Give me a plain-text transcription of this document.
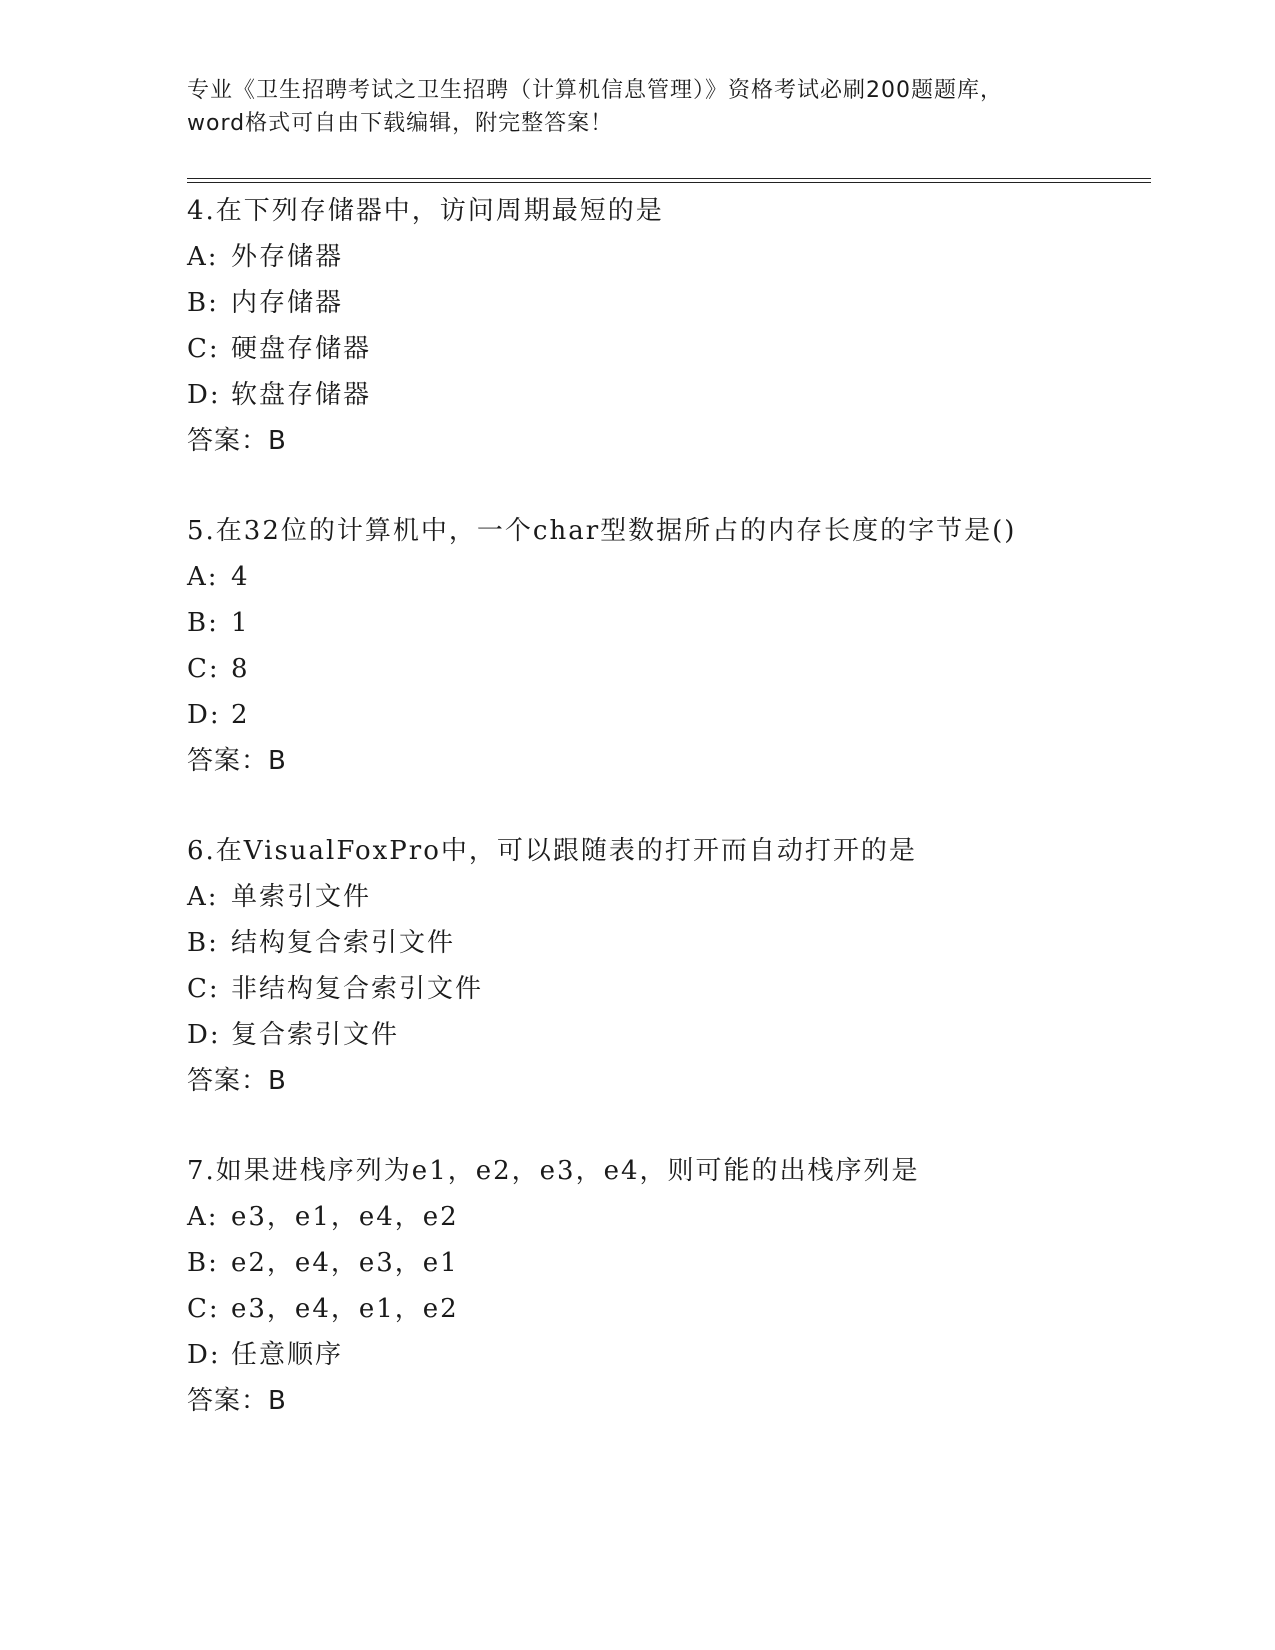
专业《卫生招聘考试之卫生招聘（计算机信息管理）》资格考试必刷200题题库，
word格式可自由下载编辑，附完整答案！
4.在下列存储器中，访问周期最短的是
A: 外存储器
B: 内存储器
C: 硬盘存储器
D: 软盘存储器
答案：B
5.在32位的计算机中，一个char型数据所占的内存长度的字节是()
A: 4
B: 1
C: 8
D: 2
答案：B
6.在VisualFoxPro中，可以跟随表的打开而自动打开的是
A: 单索引文件
B: 结构复合索引文件
C: 非结构复合索引文件
D: 复合索引文件
答案：B
7.如果进栈序列为e1，e2，e3，e4，则可能的出栈序列是
A: e3，e1，e4，e2
B: e2，e4，e3，e1
C: e3，e4，e1，e2
D: 任意顺序
答案：B
